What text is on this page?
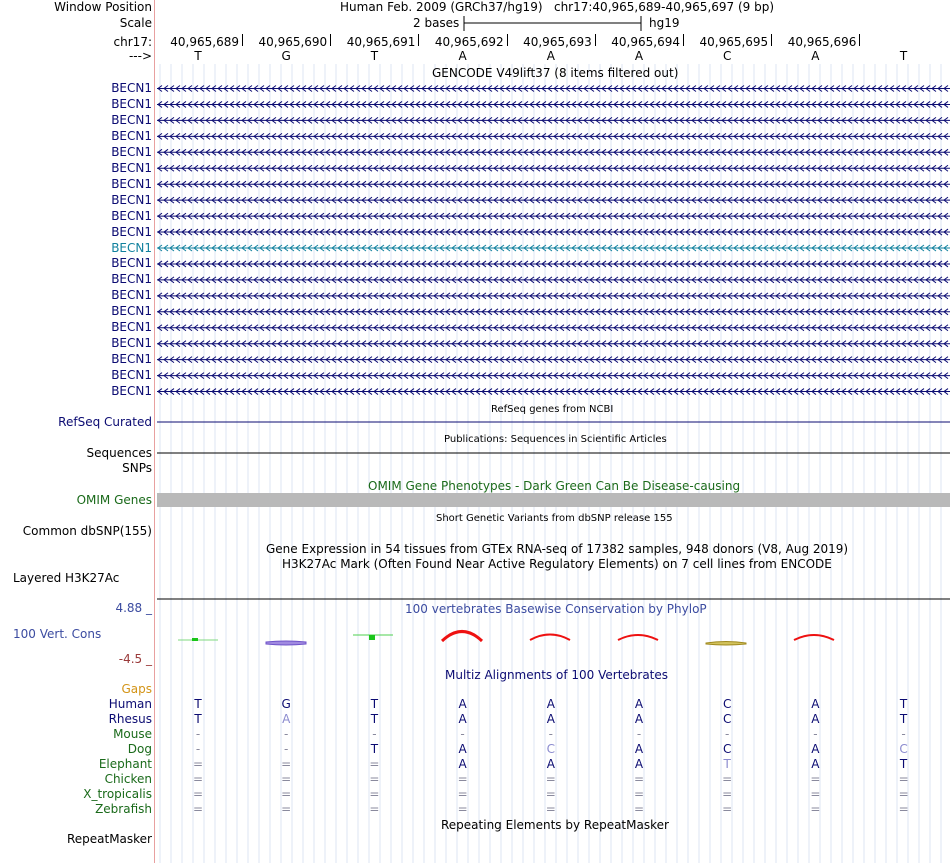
Window Position	Human Feb. 2009 (GRCh37/hg19) chr17:40,965,689-40,965,697 (9 bp)
Scale	2 bases	hg19
chr17: 40,965,689 40,965,690 40,965,691 40,965,692 40,965,693 40,965,694 40,965,695 40,965,696
--->	T	G	T	A	A	A	C	A	T
GENCODE V49lift37 (8 items filtered out)
BECN1
BECN1
BECN1
BECN1
BECN1
BECN1
BECN1
BECN1
BECN1
BECN1
BECN1
BECN1
BECN1
BECN1
BECN1
BECN1
BECN1
BECN1
BECN1
BECN1
RefSeq genes from NCBI
RefSeq Curated
Publications: Sequences in Scientific Articles
Sequences
SNPs
OMIM Gene Phenotypes - Dark Green Can Be Disease-causing
OMIM Genes
Short Genetic Variants from dbSNP release 155
Common dbSNP(155)
Gene Expression in 54 tissues from GTEx RNA-seq of 17382 samples, 948 donors (V8, Aug 2019)
H3K27Ac Mark (Often Found Near Active Regulatory Elements) on 7 cell lines from ENCODE
Layered H3K27Ac
4.88 _	100 vertebrates Basewise Conservation by PhyloP
100 Vert. Cons
-4.5 _
Multiz Alignments of 100 Vertebrates
Gaps
Human	T	G	T	A	A	A	C	A	T
Rhesus	T	A	T	A	A	A	C	A	T
Mouse	-	-	-	-	-	-	-	-	-
Dog	-	-	T	A	C	A	C	A	C
Elephant	=	=	=	A	A	A	T	A	T
Chicken	=	=	=	=	=	=	=	=	=
X_tropicalis	=	=	=	=	=	=	=	=	=
Zebrafish	=	=	=	=	=	=	=	=	=
Repeating Elements by RepeatMasker
RepeatMasker
